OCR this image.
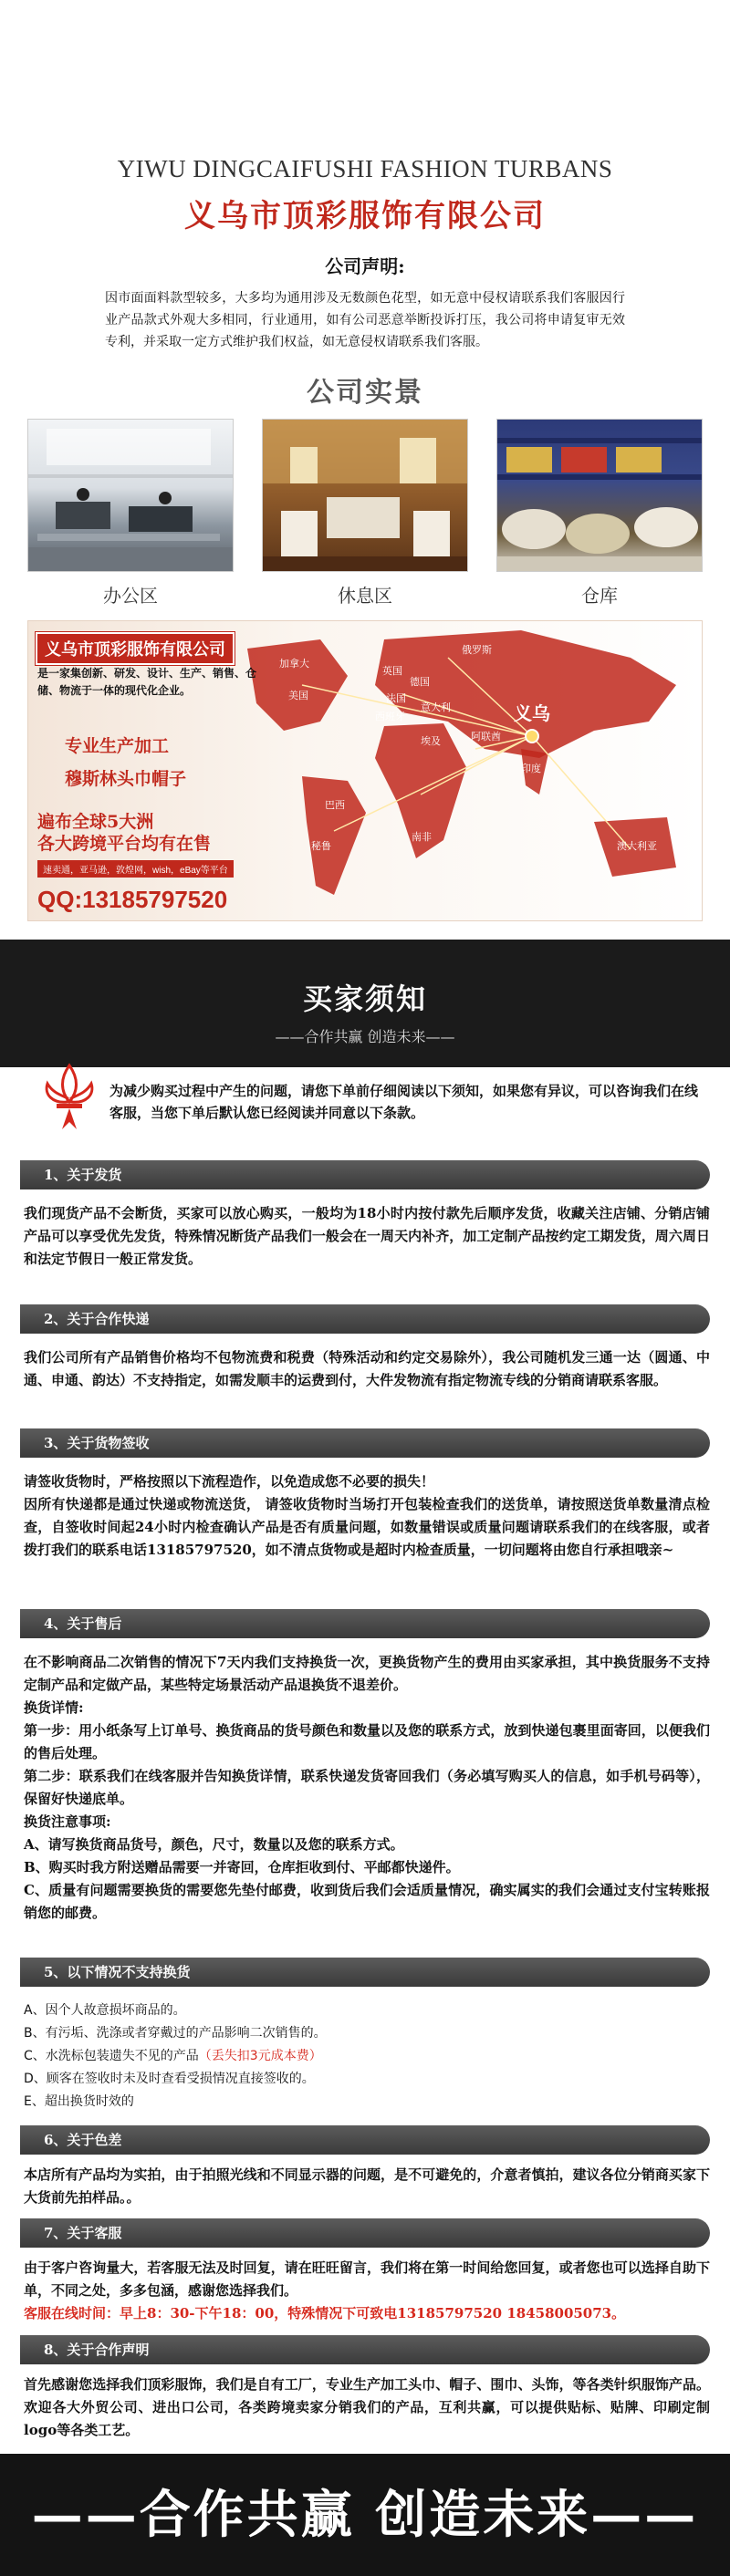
YIWU DINGCAIFUSHI FASHION TURBANS
义乌市顶彩服饰有限公司
公司声明:
因市面面料款型较多，大多均为通用涉及无数颜色花型，如无意中侵权请联系我们客服因行业产品款式外观大多相同，行业通用，如有公司恶意举断投诉打压，我公司将申请复审无效专利，并采取一定方式维护我们权益，如无意侵权请联系我们客服。
公司实景
办公区	休息区	仓库
义乌
俄罗斯
加拿大
美国
巴西
英国
德国
法国
意大利
西班牙
埃及
南非
阿联酋
印度
澳大利亚
秘鲁
义乌市顶彩服饰有限公司
是一家集创新、研发、设计、生产、销售、仓储、物流于一体的现代化企业。
专业生产加工
穆斯林头巾帽子
遍布全球5大洲
各大跨境平台均有在售
速卖通，亚马逊，敦煌网，wish，eBay等平台
QQ:13185797520
买家须知
——合作共赢 创造未来——
为减少购买过程中产生的问题，请您下单前仔细阅读以下须知，如果您有异议，可以咨询我们在线客服，当您下单后默认您已经阅读并同意以下条款。
1、关于发货

我们现货产品不会断货，买家可以放心购买，一般均为18小时内按付款先后顺序发货，收藏关注店铺、分销店铺产品可以享受优先发货，特殊情况断货产品我们一般会在一周天内补齐，加工定制产品按约定工期发货，周六周日和法定节假日一般正常发货。

2、关于合作快递

我们公司所有产品销售价格均不包物流费和税费（特殊活动和约定交易除外），我公司随机发三通一达（圆通、中通、申通、韵达）不支持指定，如需发顺丰的运费到付，大件发物流有指定物流专线的分销商请联系客服。

3、关于货物签收

请签收货物时，严格按照以下流程造作，以免造成您不必要的损失！

因所有快递都是通过快递或物流送货， 请签收货物时当场打开包装检查我们的送货单，请按照送货单数量清点检查，自签收时间起24小时内检查确认产品是否有质量问题，如数量错误或质量问题请联系我们的在线客服，或者拨打我们的联系电话13185797520，如不清点货物或是超时内检查质量，一切问题将由您自行承担哦亲~

4、关于售后

在不影响商品二次销售的情况下7天内我们支持换货一次，更换货物产生的费用由买家承担，其中换货服务不支持定制产品和定做产品，某些特定场景活动产品退换货不退差价。

换货详情:

第一步：用小纸条写上订单号、换货商品的货号颜色和数量以及您的联系方式，放到快递包裹里面寄回，以便我们的售后处理。

第二步：联系我们在线客服并告知换货详情，联系快递发货寄回我们（务必填写购买人的信息，如手机号码等），保留好快递底单。

换货注意事项:

A、请写换货商品货号，颜色，尺寸，数量以及您的联系方式。

B、购买时我方附送赠品需要一并寄回，仓库拒收到付、平邮都快递件。

C、质量有问题需要换货的需要您先垫付邮费，收到货后我们会适质量情况，确实属实的我们会通过支付宝转账报销您的邮费。

5、以下情况不支持换货

A、因个人故意损坏商品的。

B、有污垢、洗涤或者穿戴过的产品影响二次销售的。

C、水洗标包装遗失不见的产品（丢失扣3元成本费）

D、顾客在签收时未及时查看受损情况直接签收的。

E、超出换货时效的

6、关于色差

本店所有产品均为实拍，由于拍照光线和不同显示器的问题，是不可避免的，介意者慎拍，建议各位分销商买家下大货前先拍样品。。

7、关于客服

由于客户咨询量大，若客服无法及时回复，请在旺旺留言，我们将在第一时间给您回复，或者您也可以选择自助下单，不同之处，多多包涵，感谢您选择我们。

客服在线时间：早上8：30-下午18：00，特殊情况下可致电13185797520 18458005073。

8、关于合作声明

首先感谢您选择我们顶彩服饰，我们是自有工厂，专业生产加工头巾、帽子、围巾、头饰，等各类针织服饰产品。欢迎各大外贸公司、进出口公司，各类跨境卖家分销我们的产品，互利共赢，可以提供贴标、贴牌、印刷定制logo等各类工艺。

——合作共赢 创造未来——
